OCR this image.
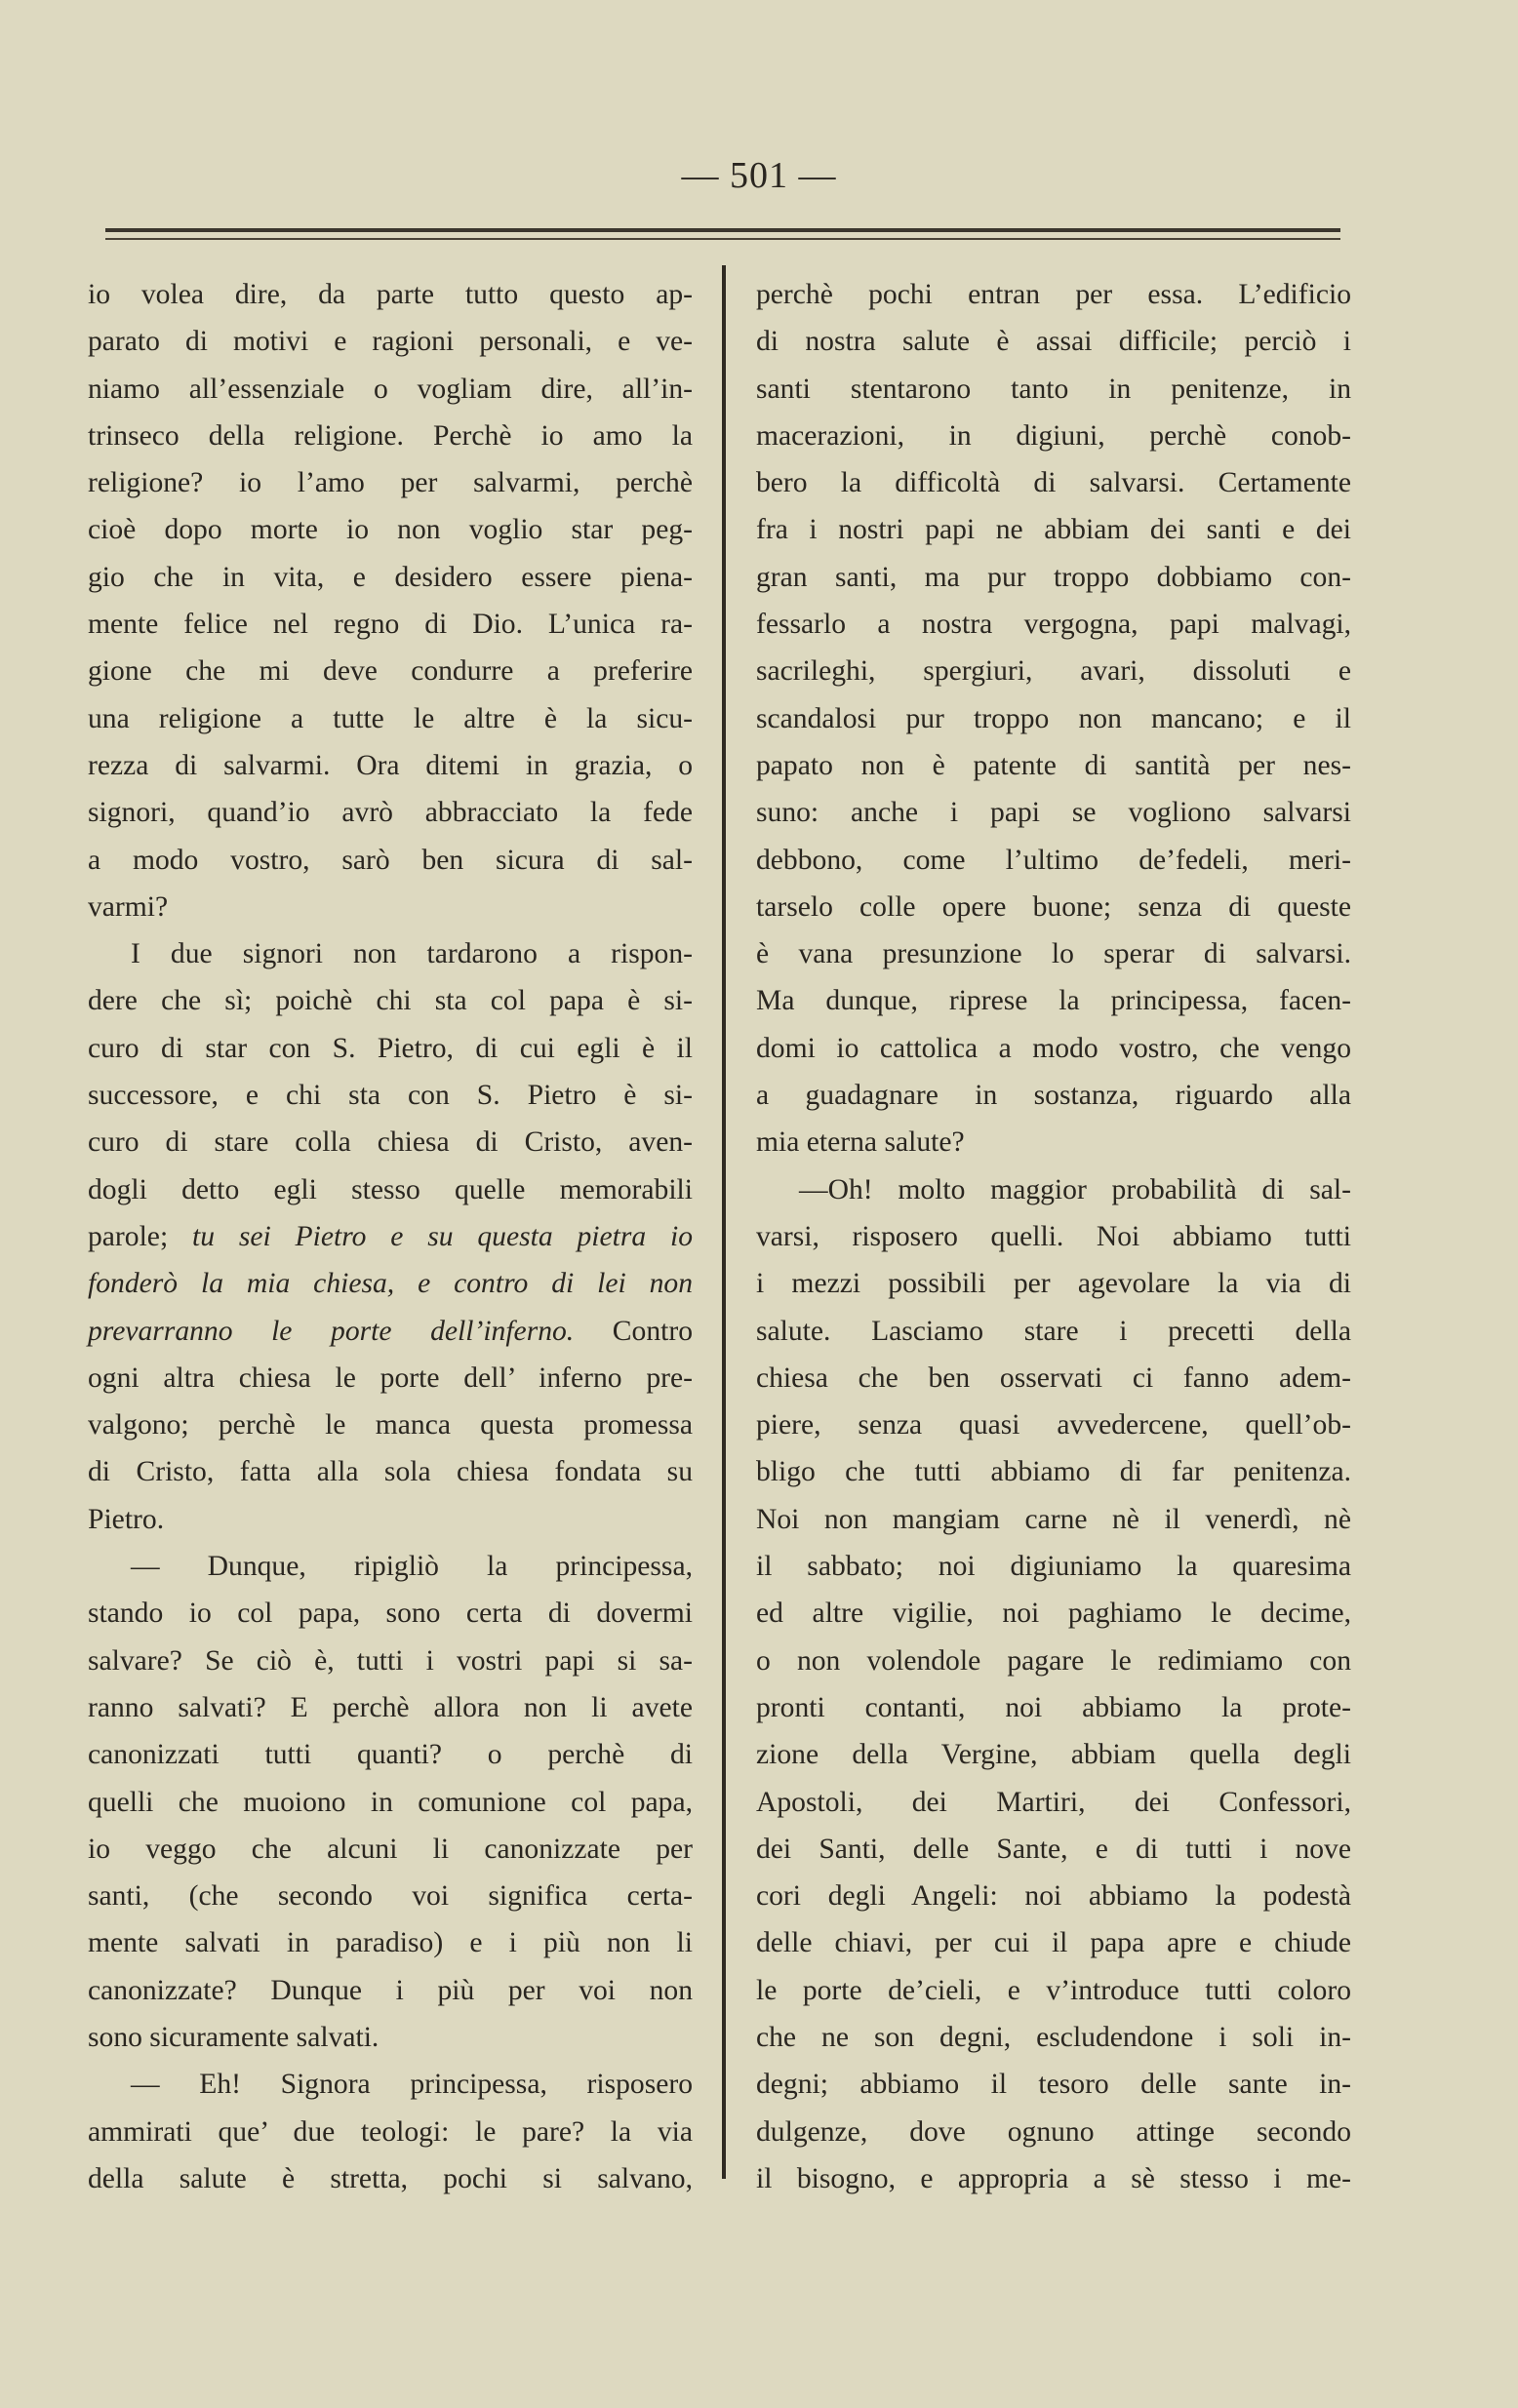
— 501 —
io volea dire, da parte tutto questo ap-
parato di motivi e ragioni personali, e ve-
niamo all’essenziale o vogliam dire, all’in-
trinseco della religione. Perchè io amo la
religione? io l’amo per salvarmi, perchè
cioè dopo morte io non voglio star peg-
gio che in vita, e desidero essere piena-
mente felice nel regno di Dio. L’unica ra-
gione che mi deve condurre a preferire
una religione a tutte le altre è la sicu-
rezza di salvarmi. Ora ditemi in grazia, o
signori, quand’io avrò abbracciato la fede
a modo vostro, sarò ben sicura di sal-
varmi?
I due signori non tardarono a rispon-
dere che sì; poichè chi sta col papa è si-
curo di star con S. Pietro, di cui egli è il
successore, e chi sta con S. Pietro è si-
curo di stare colla chiesa di Cristo, aven-
dogli detto egli stesso quelle memorabili
parole; tu sei Pietro e su questa pietra io
fonderò la mia chiesa, e contro di lei non
prevarranno le porte dell’inferno. Contro
ogni altra chiesa le porte dell’ inferno pre-
valgono; perchè le manca questa promessa
di Cristo, fatta alla sola chiesa fondata su
Pietro.
— Dunque, ripigliò la principessa,
stando io col papa, sono certa di dovermi
salvare? Se ciò è, tutti i vostri papi si sa-
ranno salvati? E perchè allora non li avete
canonizzati tutti quanti? o perchè di
quelli che muoiono in comunione col papa,
io veggo che alcuni li canonizzate per
santi, (che secondo voi significa certa-
mente salvati in paradiso) e i più non li
canonizzate? Dunque i più per voi non
sono sicuramente salvati.
— Eh! Signora principessa, risposero
ammirati que’ due teologi: le pare? la via
della salute è stretta, pochi si salvano,
perchè pochi entran per essa. L’edificio
di nostra salute è assai difficile; perciò i
santi stentarono tanto in penitenze, in
macerazioni, in digiuni, perchè conob-
bero la difficoltà di salvarsi. Certamente
fra i nostri papi ne abbiam dei santi e dei
gran santi, ma pur troppo dobbiamo con-
fessarlo a nostra vergogna, papi malvagi,
sacrileghi, spergiuri, avari, dissoluti e
scandalosi pur troppo non mancano; e il
papato non è patente di santità per nes-
suno: anche i papi se vogliono salvarsi
debbono, come l’ultimo de’fedeli, meri-
tarselo colle opere buone; senza di queste
è vana presunzione lo sperar di salvarsi.
Ma dunque, riprese la principessa, facen-
domi io cattolica a modo vostro, che vengo
a guadagnare in sostanza, riguardo alla
mia eterna salute?
—Oh! molto maggior probabilità di sal-
varsi, risposero quelli. Noi abbiamo tutti
i mezzi possibili per agevolare la via di
salute. Lasciamo stare i precetti della
chiesa che ben osservati ci fanno adem-
piere, senza quasi avvedercene, quell’ob-
bligo che tutti abbiamo di far penitenza.
Noi non mangiam carne nè il venerdì, nè
il sabbato; noi digiuniamo la quaresima
ed altre vigilie, noi paghiamo le decime,
o non volendole pagare le redimiamo con
pronti contanti, noi abbiamo la prote-
zione della Vergine, abbiam quella degli
Apostoli, dei Martiri, dei Confessori,
dei Santi, delle Sante, e di tutti i nove
cori degli Angeli: noi abbiamo la podestà
delle chiavi, per cui il papa apre e chiude
le porte de’cieli, e v’introduce tutti coloro
che ne son degni, escludendone i soli in-
degni; abbiamo il tesoro delle sante in-
dulgenze, dove ognuno attinge secondo
il bisogno, e appropria a sè stesso i me-
